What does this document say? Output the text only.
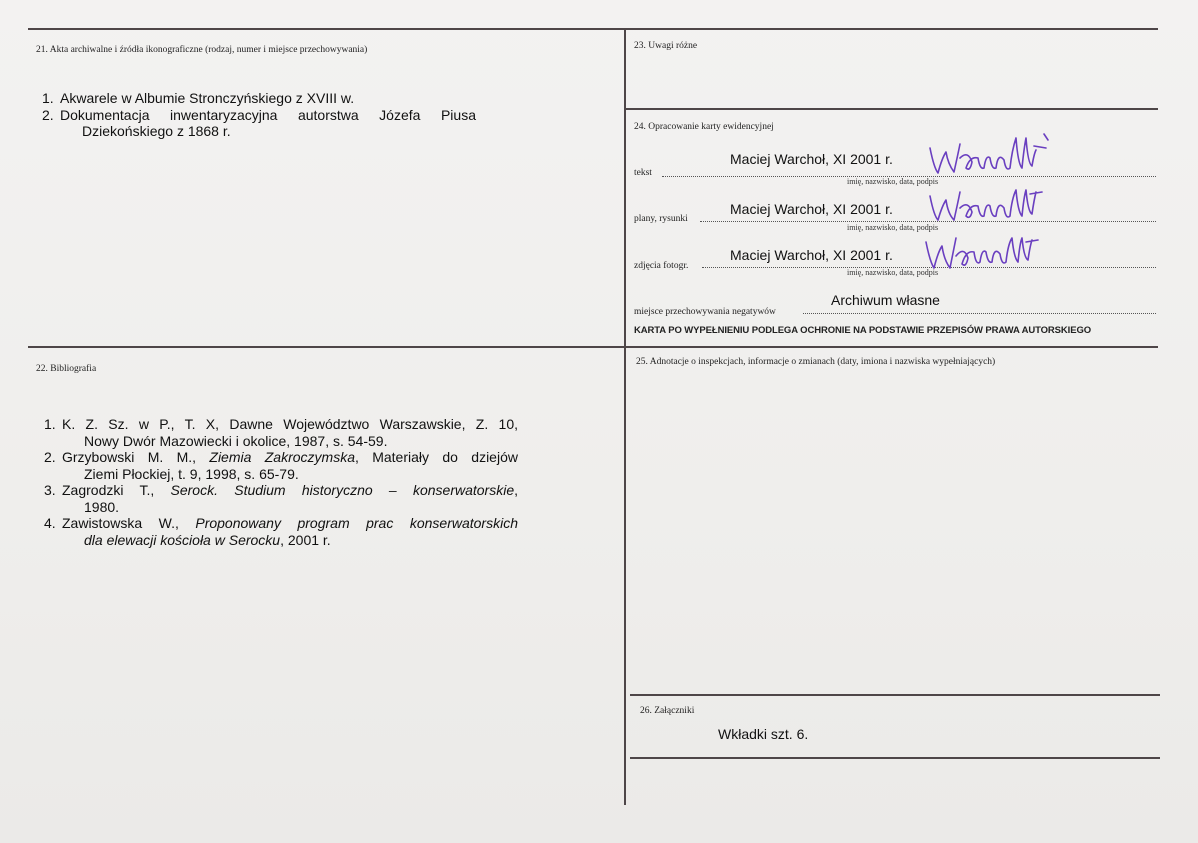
21. Akta archiwalne i źródła ikonograficzne (rodzaj, numer i miejsce przechowywania)
1. Akwarele w Albumie Stronczyńskiego z XVIII w.
2. Dokumentacja inwentaryzacyjna autorstwa Józefa Piusa
Dziekońskiego z 1868 r.
22. Bibliografia
1. K. Z. Sz. w P., T. X, Dawne Województwo Warszawskie, Z. 10,
Nowy Dwór Mazowiecki i okolice, 1987, s. 54-59.
2. Grzybowski M. M., Ziemia Zakroczymska, Materiały do dziejów
Ziemi Płockiej, t. 9, 1998, s. 65-79.
3. Zagrodzki T., Serock. Studium historyczno – konserwatorskie,
1980.
4. Zawistowska W., Proponowany program prac konserwatorskich
dla elewacji kościoła w Serocku, 2001 r.
23. Uwagi różne
24. Opracowanie karty ewidencyjnej
tekst
Maciej Warchoł, XI 2001 r.
imię, nazwisko, data, podpis
plany, rysunki
Maciej Warchoł, XI 2001 r.
imię, nazwisko, data, podpis
zdjęcia fotogr.
Maciej Warchoł, XI 2001 r.
imię, nazwisko, data, podpis
miejsce przechowywania negatywów
Archiwum własne
KARTA PO WYPEŁNIENIU PODLEGA OCHRONIE NA PODSTAWIE PRZEPISÓW PRAWA AUTORSKIEGO
25. Adnotacje o inspekcjach, informacje o zmianach (daty, imiona i nazwiska wypełniających)
26. Załączniki
Wkładki szt. 6.
